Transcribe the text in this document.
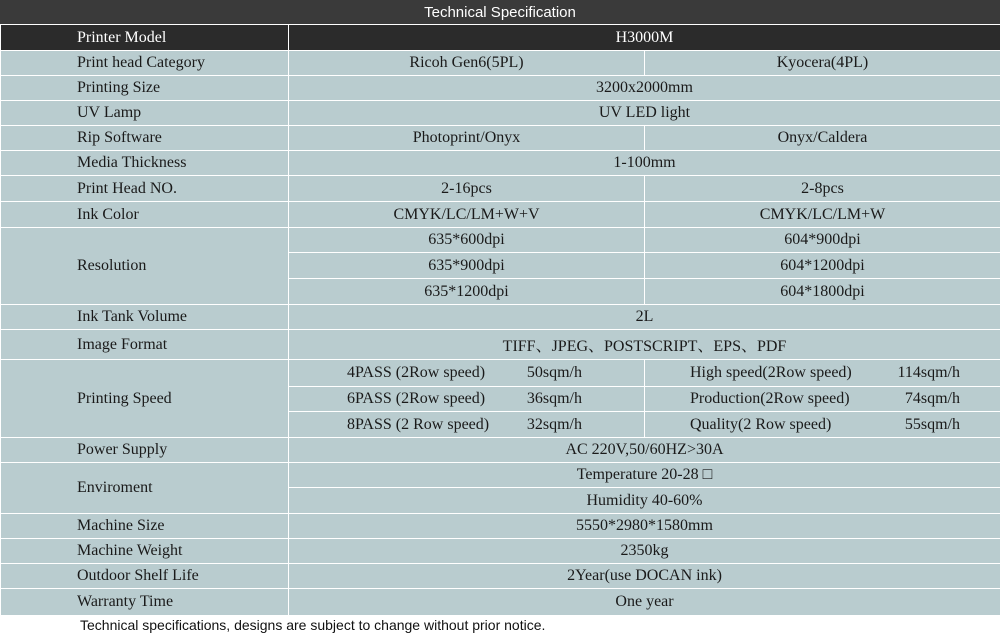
Technical Specification
Printer Model	H3000M	
Print head Category	Ricoh Gen6(5PL)	Kyocera(4PL)
Printing Size	3200x2000mm	
UV Lamp	UV LED light	
Rip Software	Photoprint/Onyx	Onyx/Caldera
Media Thickness	1-100mm	
Print Head NO.	2-16pcs	2-8pcs
Ink Color	CMYK/LC/LM+W+V	CMYK/LC/LM+W
Resolution	635*600dpi	604*900dpi
	635*900dpi	604*1200dpi
	635*1200dpi	604*1800dpi
Ink Tank Volume	2L	
Image Format	TIFF、JPEG、POSTSCRIPT、EPS、PDF	
Printing Speed	4PASS (2Row speed) 50sqm/h	High speed(2Row speed) 114sqm/h

	6PASS (2Row speed) 36sqm/h	Production(2Row speed) 74sqm/h

	8PASS (2 Row speed) 32sqm/h	Quality(2 Row speed) 55sqm/h

Power Supply	AC 220V,50/60HZ>30A	
Enviroment	Temperature 20-28 □	
	Humidity 40-60%	
Machine Size	5550*2980*1580mm	
Machine Weight	2350kg	
Outdoor Shelf Life	2Year(use DOCAN ink)	
Warranty Time	One year	
Technical specifications, designs are subject to change without prior notice.
